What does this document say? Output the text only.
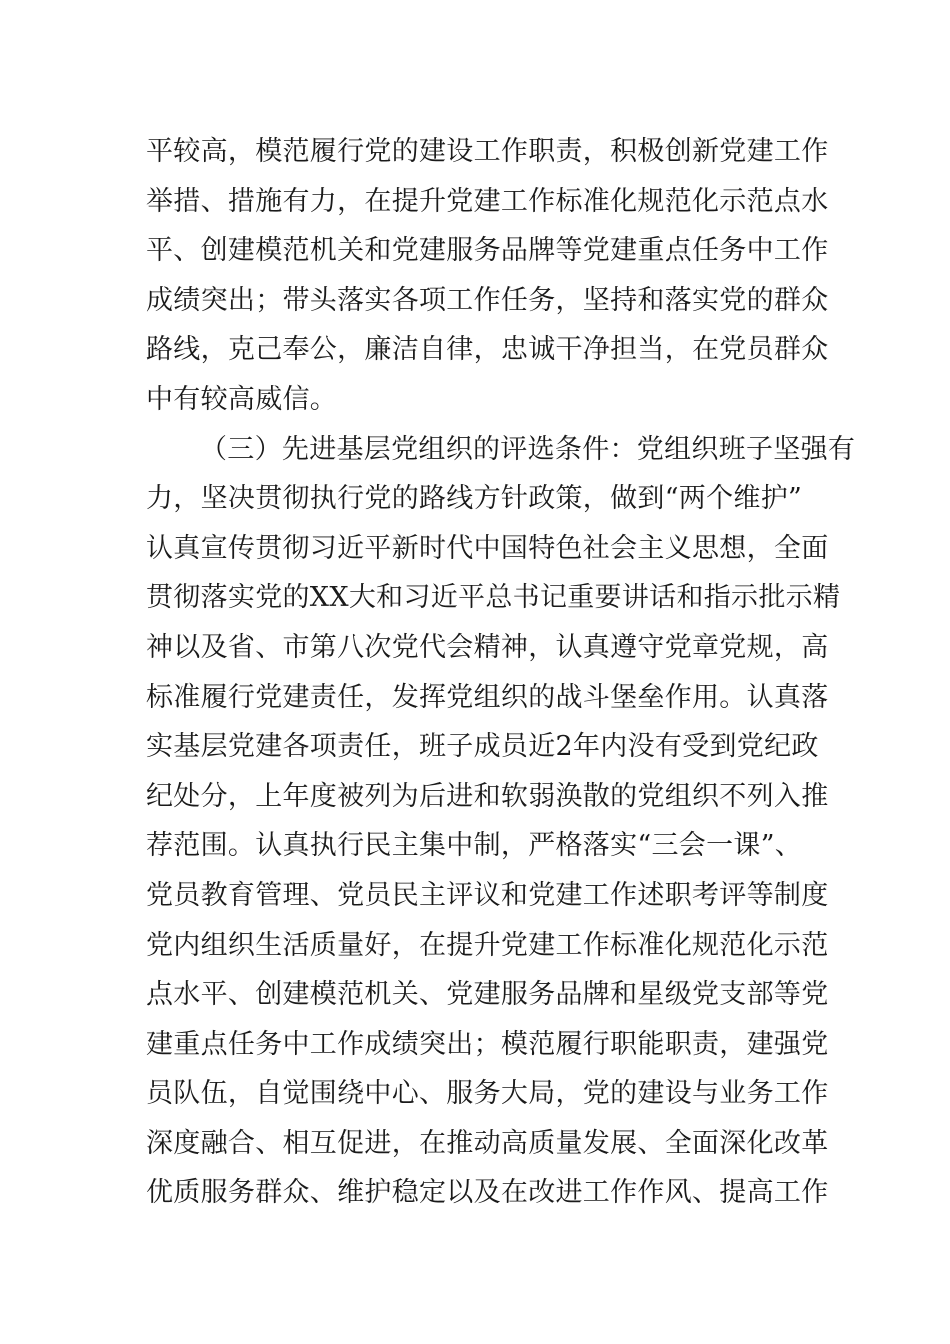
平较高，模范履行党的建设工作职责，积极创新党建工作
举措、措施有力，在提升党建工作标准化规范化示范点水
平、创建模范机关和党建服务品牌等党建重点任务中工作
成绩突出；带头落实各项工作任务，坚持和落实党的群众
路线，克己奉公，廉洁自律，忠诚干净担当，在党员群众
中有较高威信。
（三）先进基层党组织的评选条件：党组织班子坚强有
力，坚决贯彻执行党的路线方针政策，做到“两个维护”
认真宣传贯彻习近平新时代中国特色社会主义思想，全面
贯彻落实党的XX大和习近平总书记重要讲话和指示批示精
神以及省、市第八次党代会精神，认真遵守党章党规，高
标准履行党建责任，发挥党组织的战斗堡垒作用。认真落
实基层党建各项责任，班子成员近2年内没有受到党纪政
纪处分，上年度被列为后进和软弱涣散的党组织不列入推
荐范围。认真执行民主集中制，严格落实“三会一课”、
党员教育管理、党员民主评议和党建工作述职考评等制度
党内组织生活质量好，在提升党建工作标准化规范化示范
点水平、创建模范机关、党建服务品牌和星级党支部等党
建重点任务中工作成绩突出；模范履行职能职责，建强党
员队伍，自觉围绕中心、服务大局，党的建设与业务工作
深度融合、相互促进，在推动高质量发展、全面深化改革
优质服务群众、维护稳定以及在改进工作作风、提高工作
